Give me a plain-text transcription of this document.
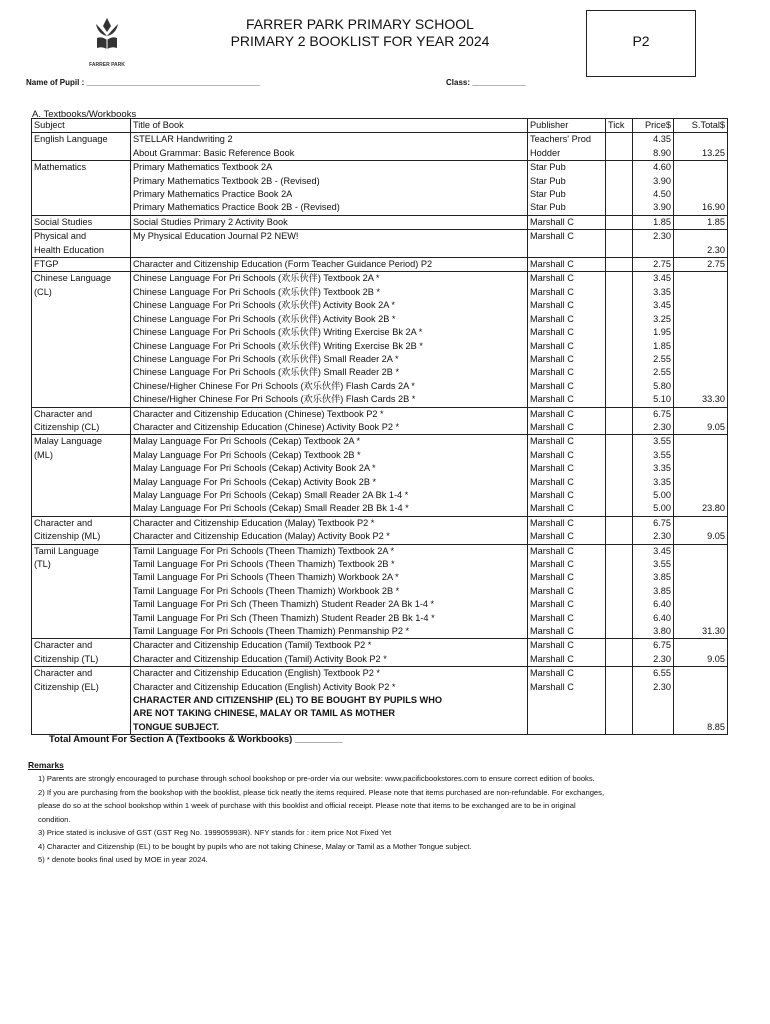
FARRER PARK
FARRER PARK PRIMARY SCHOOL
PRIMARY 2 BOOKLIST FOR YEAR 2024	P2
Name of Pupil : _______________________________________	Class: ____________
A. Textbooks/Workbooks
Subject	Title of Book	Publisher	Tick	Price$	S.Total$
English Language	STELLAR Handwriting 2	Teachers' Prod		4.35	
	About Grammar: Basic Reference Book	Hodder		8.90	13.25
Mathematics	Primary Mathematics Textbook 2A	Star Pub		4.60	
	Primary Mathematics Textbook 2B - (Revised)	Star Pub		3.90	
	Primary Mathematics Practice Book 2A	Star Pub		4.50	
	Primary Mathematics Practice Book 2B - (Revised)	Star Pub		3.90	16.90
Social Studies	Social Studies Primary 2 Activity Book	Marshall C		1.85	1.85
Physical and	My Physical Education Journal P2 NEW!	Marshall C		2.30	
Health Education					2.30
FTGP	Character and Citizenship Education (Form Teacher Guidance Period) P2	Marshall C		2.75	2.75
Chinese Language	Chinese Language For Pri Schools (欢乐伙伴) Textbook 2A *	Marshall C		3.45	
(CL)	Chinese Language For Pri Schools (欢乐伙伴) Textbook 2B *	Marshall C		3.35	
	Chinese Language For Pri Schools (欢乐伙伴) Activity Book 2A *	Marshall C		3.45	
	Chinese Language For Pri Schools (欢乐伙伴) Activity Book 2B *	Marshall C		3.25	
	Chinese Language For Pri Schools (欢乐伙伴) Writing Exercise Bk 2A *	Marshall C		1.95	
	Chinese Language For Pri Schools (欢乐伙伴) Writing Exercise Bk 2B *	Marshall C		1.85	
	Chinese Language For Pri Schools (欢乐伙伴) Small Reader 2A *	Marshall C		2.55	
	Chinese Language For Pri Schools (欢乐伙伴) Small Reader 2B *	Marshall C		2.55	
	Chinese/Higher Chinese For Pri Schools (欢乐伙伴) Flash Cards 2A *	Marshall C		5.80	
	Chinese/Higher Chinese For Pri Schools (欢乐伙伴) Flash Cards 2B *	Marshall C		5.10	33.30
Character and	Character and Citizenship Education (Chinese) Textbook P2 *	Marshall C		6.75	
Citizenship (CL)	Character and Citizenship Education (Chinese) Activity Book P2 *	Marshall C		2.30	9.05
Malay Language	Malay Language For Pri Schools (Cekap) Textbook 2A *	Marshall C		3.55	
(ML)	Malay Language For Pri Schools (Cekap) Textbook 2B *	Marshall C		3.55	
	Malay Language For Pri Schools (Cekap) Activity Book 2A *	Marshall C		3.35	
	Malay Language For Pri Schools (Cekap) Activity Book 2B *	Marshall C		3.35	
	Malay Language For Pri Schools (Cekap) Small Reader 2A Bk 1-4 *	Marshall C		5.00	
	Malay Language For Pri Schools (Cekap) Small Reader 2B Bk 1-4 *	Marshall C		5.00	23.80
Character and	Character and Citizenship Education (Malay) Textbook P2 *	Marshall C		6.75	
Citizenship (ML)	Character and Citizenship Education (Malay) Activity Book P2 *	Marshall C		2.30	9.05
Tamil Language	Tamil Language For Pri Schools (Theen Thamizh) Textbook 2A *	Marshall C		3.45	
(TL)	Tamil Language For Pri Schools (Theen Thamizh) Textbook 2B *	Marshall C		3.55	
	Tamil Language For Pri Schools (Theen Thamizh) Workbook 2A *	Marshall C		3.85	
	Tamil Language For Pri Schools (Theen Thamizh) Workbook 2B *	Marshall C		3.85	
	Tamil Language For Pri Sch (Theen Thamizh) Student Reader 2A Bk 1-4 *	Marshall C		6.40	
	Tamil Language For Pri Sch (Theen Thamizh) Student Reader 2B Bk 1-4 *	Marshall C		6.40	
	Tamil Language For Pri Schools (Theen Thamizh) Penmanship P2 *	Marshall C		3.80	31.30
Character and	Character and Citizenship Education (Tamil) Textbook P2 *	Marshall C		6.75	
Citizenship (TL)	Character and Citizenship Education (Tamil) Activity Book P2 *	Marshall C		2.30	9.05
Character and	Character and Citizenship Education (English) Textbook P2 *	Marshall C		6.55	
Citizenship (EL)	Character and Citizenship Education (English) Activity Book P2 *	Marshall C		2.30	
	CHARACTER AND CITIZENSHIP (EL) TO BE BOUGHT BY PUPILS WHO				
	ARE NOT TAKING CHINESE, MALAY OR TAMIL AS MOTHER				
	TONGUE SUBJECT.				8.85
Total Amount For Section A (Textbooks & Workbooks) _________
Remarks
1) Parents are strongly encouraged to purchase through school bookshop or pre-order via our website: www.pacificbookstores.com to ensure correct edition of books.
2) If you are purchasing from the bookshop with the booklist, please tick neatly the items required. Please note that items purchased are non-refundable. For exchanges,
please do so at the school bookshop within 1 week of purchase with this booklist and official receipt. Please note that items to be exchanged are to be in original
condition.
3) Price stated is inclusive of GST (GST Reg No. 199905993R). NFY stands for : item price Not Fixed Yet
4) Character and Citizenship (EL) to be bought by pupils who are not taking Chinese, Malay or Tamil as a Mother Tongue subject.
5) * denote books final used by MOE in year 2024.
